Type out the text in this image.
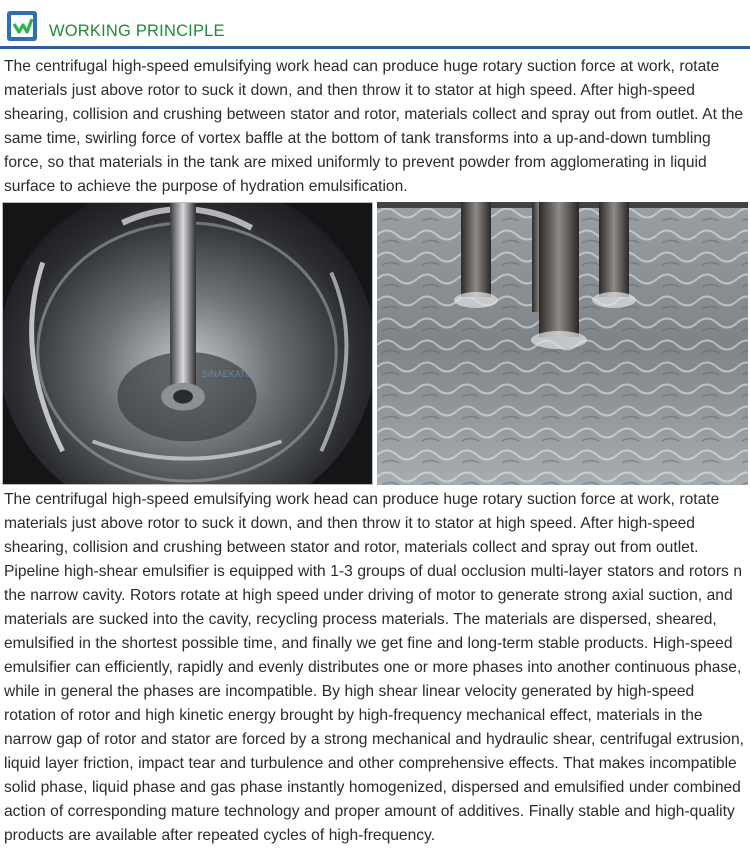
WORKING PRINCIPLE

The centrifugal high-speed emulsifying work head can produce huge rotary suction force at work, rotate materials just above rotor to suck it down, and then throw it to stator at high speed. After high-speed shearing, collision and crushing between stator and rotor, materials collect and spray out from outlet. At the same time, swirling force of vortex baffle at the bottom of tank transforms into a up-and-down tumbling force, so that materials in the tank are mixed uniformly to prevent powder from agglomerating in liquid surface to achieve the purpose of hydration emulsification.

SINAEKATO

The centrifugal high-speed emulsifying work head can produce huge rotary suction force at work, rotate materials just above rotor to suck it down, and then throw it to stator at high speed. After high-speed shearing, collision and crushing between stator and rotor, materials collect and spray out from outlet. Pipeline high-shear emulsifier is equipped with 1-3 groups of dual occlusion multi-layer stators and rotors n the narrow cavity. Rotors rotate at high speed under driving of motor to generate strong axial suction, and materials are sucked into the cavity, recycling process materials. The materials are dispersed, sheared, emulsified in the shortest possible time, and finally we get fine and long-term stable products. High-speed emulsifier can efficiently, rapidly and evenly distributes one or more phases into another continuous phase, while in general the phases are incompatible. By high shear linear velocity generated by high-speed rotation of rotor and high kinetic energy brought by high-frequency mechanical effect, materials in the narrow gap of rotor and stator are forced by a strong mechanical and hydraulic shear, centrifugal extrusion, liquid layer friction, impact tear and turbulence and other comprehensive effects. That makes incompatible solid phase, liquid phase and gas phase instantly homogenized, dispersed and emulsified under combined action of corresponding mature technology and proper amount of additives. Finally stable and high-quality products are available after repeated cycles of high-frequency.
